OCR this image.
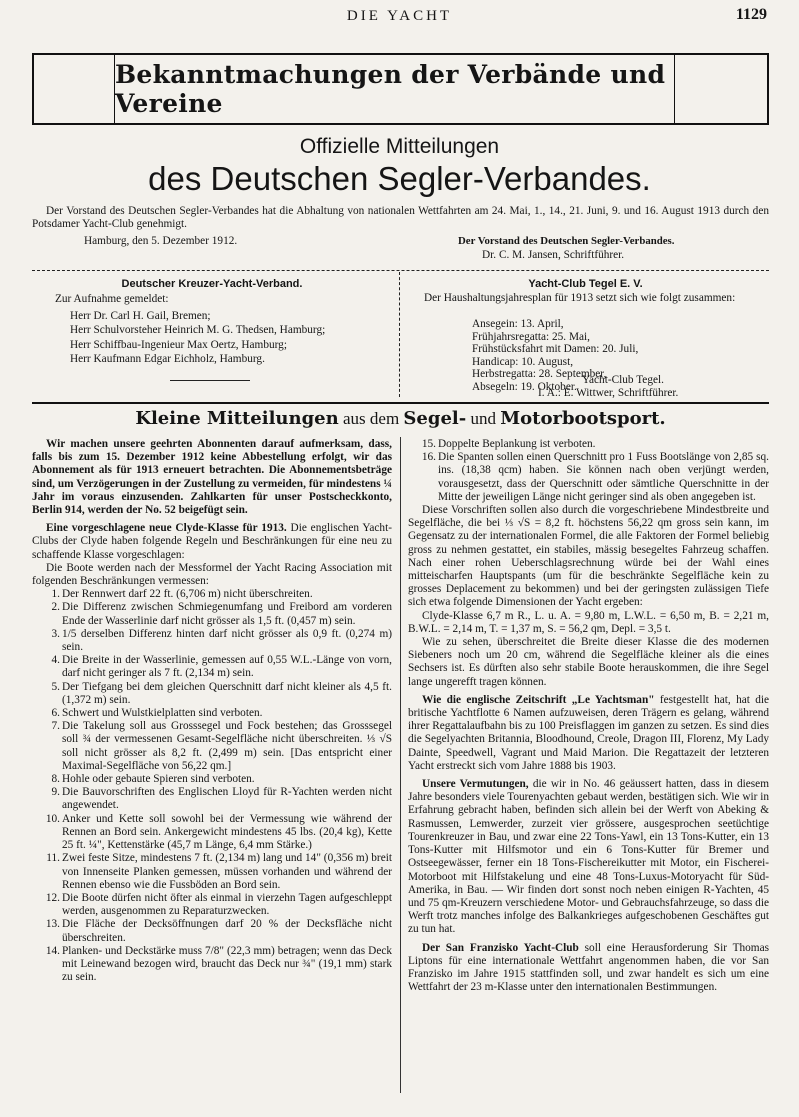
DIE YACHT	1129
Bekanntmachungen der Verbände und Vereine
Offizielle Mitteilungen
des Deutschen Segler-Verbandes.

Der Vorstand des Deutschen Segler-Verbandes hat die Abhaltung von nationalen Wettfahrten am 24. Mai, 1., 14., 21. Juni, 9. und 16. August 1913 durch den Potsdamer Yacht-Club genehmigt.

Hamburg, den 5. Dezember 1912.	Der Vorstand des Deutschen Segler-Verbandes.

Dr. C. M. Jansen, Schriftführer.

Deutscher Kreuzer-Yacht-Verband.

Zur Aufnahme gemeldet:

Herr Dr. Carl H. Gail, Bremen;
Herr Schulvorsteher Heinrich M. G. Thedsen, Hamburg;
Herr Schiffbau-Ingenieur Max Oertz, Hamburg;
Herr Kaufmann Edgar Eichholz, Hamburg.
Yacht-Club Tegel E. V.

Der Haushaltungsjahresplan für 1913 setzt sich wie folgt zusammen:

Ansegein: 13. April,
Frühjahrsregatta: 25. Mai,
Frühstücksfahrt mit Damen: 20. Juli,
Handicap: 10. August,
Herbstregatta: 28. September,
Absegeln: 19. Oktober.

Yacht-Club Tegel.

I. A.: E. Wittwer, Schriftführer.

Kleine Mitteilungen aus dem Segel- und Motorbootsport.

Wir machen unsere geehrten Abonnenten darauf aufmerksam, dass, falls bis zum 15. Dezember 1912 keine Abbestellung erfolgt, wir das Abonnement als für 1913 erneuert betrachten. Die Abonnementsbeträge sind, um Verzögerungen in der Zustellung zu vermeiden, für mindestens ¼ Jahr im voraus einzusenden. Zahlkarten für unser Postscheckkonto, Berlin 914, werden der No. 52 beigefügt sein.

Eine vorgeschlagene neue Clyde-Klasse für 1913. Die englischen Yacht-Clubs der Clyde haben folgende Regeln und Beschränkungen für eine neu zu schaffende Klasse vorgeschlagen:

Die Boote werden nach der Messformel der Yacht Racing Association mit folgenden Beschränkungen vermessen:

1. Der Rennwert darf 22 ft. (6,706 m) nicht überschreiten.
2. Die Differenz zwischen Schmiegenumfang und Freibord am vorderen Ende der Wasserlinie darf nicht grösser als 1,5 ft. (0,457 m) sein.
3. 1/5 derselben Differenz hinten darf nicht grösser als 0,9 ft. (0,274 m) sein.
4. Die Breite in der Wasserlinie, gemessen auf 0,55 W.L.-Länge von vorn, darf nicht geringer als 7 ft. (2,134 m) sein.
5. Der Tiefgang bei dem gleichen Querschnitt darf nicht kleiner als 4,5 ft. (1,372 m) sein.
6. Schwert und Wulstkielplatten sind verboten.
7. Die Takelung soll aus Grosssegel und Fock bestehen; das Grosssegel soll ¾ der vermessenen Gesamt-Segelfläche nicht überschreiten. ⅓ √S soll nicht grösser als 8,2 ft. (2,499 m) sein. [Das entspricht einer Maximal-Segelfläche von 56,22 qm.]
8. Hohle oder gebaute Spieren sind verboten.
9. Die Bauvorschriften des Englischen Lloyd für R-Yachten werden nicht angewendet.
10. Anker und Kette soll sowohl bei der Vermessung wie während der Rennen an Bord sein. Ankergewicht mindestens 45 lbs. (20,4 kg), Kette 25 ft. ¼", Kettenstärke (45,7 m Länge, 6,4 mm Stärke.)
11. Zwei feste Sitze, mindestens 7 ft. (2,134 m) lang und 14" (0,356 m) breit von Innenseite Planken gemessen, müssen vorhanden und während der Rennen ebenso wie die Fussböden an Bord sein.
12. Die Boote dürfen nicht öfter als einmal in vierzehn Tagen aufgeschleppt werden, ausgenommen zu Reparaturzwecken.
13. Die Fläche der Decksöffnungen darf 20 % der Decksfläche nicht überschreiten.
14. Planken- und Deckstärke muss 7/8" (22,3 mm) betragen; wenn das Deck mit Leinewand bezogen wird, braucht das Deck nur ¾" (19,1 mm) stark zu sein.
15. Doppelte Beplankung ist verboten.
16. Die Spanten sollen einen Querschnitt pro 1 Fuss Bootslänge von 2,85 sq. ins. (18,38 qcm) haben. Sie können nach oben verjüngt werden, vorausgesetzt, dass der Querschnitt oder sämtliche Querschnitte in der Mitte der jeweiligen Länge nicht geringer sind als oben angegeben ist.

Diese Vorschriften sollen also durch die vorgeschriebene Mindestbreite und Segelfläche, die bei ⅓ √S = 8,2 ft. höchstens 56,22 qm gross sein kann, im Gegensatz zu der internationalen Formel, die alle Faktoren der Formel beliebig gross zu nehmen gestattet, ein stabiles, mässig besegeltes Fahrzeug schaffen. Nach einer rohen Ueberschlagsrechnung würde bei der Wahl eines mitteischarfen Hauptspants (um für die beschränkte Segelfläche kein zu grosses Deplacement zu bekommen) und bei der geringsten zulässigen Tiefe sich etwa folgende Dimensionen der Yacht ergeben:

Clyde-Klasse 6,7 m R., L. u. A. = 9,80 m, L.W.L. = 6,50 m, B. = 2,21 m, B.W.L. = 2,14 m, T. = 1,37 m, S. = 56,2 qm, Depl. = 3,5 t.

Wie zu sehen, überschreitet die Breite dieser Klasse die des modernen Siebeners noch um 20 cm, während die Segelfläche kleiner als die eines Sechsers ist. Es dürften also sehr stabile Boote herauskommen, die ihre Segel lange ungerefft tragen können.

Wie die englische Zeitschrift „Le Yachtsman" festgestellt hat, hat die britische Yachtflotte 6 Namen aufzuweisen, deren Trägern es gelang, während ihrer Regattalaufbahn bis zu 100 Preisflaggen im ganzen zu setzen. Es sind dies die Segelyachten Britannia, Bloodhound, Creole, Dragon III, Florenz, My Lady Dainte, Speedwell, Vagrant und Maid Marion. Die Regattazeit der letzteren Yacht erstreckt sich vom Jahre 1888 bis 1903.

Unsere Vermutungen, die wir in No. 46 geäussert hatten, dass in diesem Jahre besonders viele Tourenyachten gebaut werden, bestätigen sich. Wie wir in Erfahrung gebracht haben, befinden sich allein bei der Werft von Abeking & Rasmussen, Lemwerder, zurzeit vier grössere, ausgesprochen seetüchtige Tourenkreuzer in Bau, und zwar eine 22 Tons-Yawl, ein 13 Tons-Kutter, ein 13 Tons-Kutter mit Hilfsmotor und ein 6 Tons-Kutter für Bremer und Ostseegewässer, ferner ein 18 Tons-Fischereikutter mit Motor, ein Fischerei-Motorboot mit Hilfstakelung und eine 48 Tons-Luxus-Motoryacht für Süd-Amerika, in Bau. — Wir finden dort sonst noch neben einigen R-Yachten, 45 und 75 qm-Kreuzern verschiedene Motor- und Gebrauchsfahrzeuge, so dass die Werft trotz manches infolge des Balkankrieges aufgeschobenen Geschäftes gut zu tun hat.

Der San Franzisko Yacht-Club soll eine Herausforderung Sir Thomas Liptons für eine internationale Wettfahrt angenommen haben, die vor San Franzisko im Jahre 1915 stattfinden soll, und zwar handelt es sich um eine Wettfahrt der 23 m-Klasse unter den internationalen Bestimmungen.
